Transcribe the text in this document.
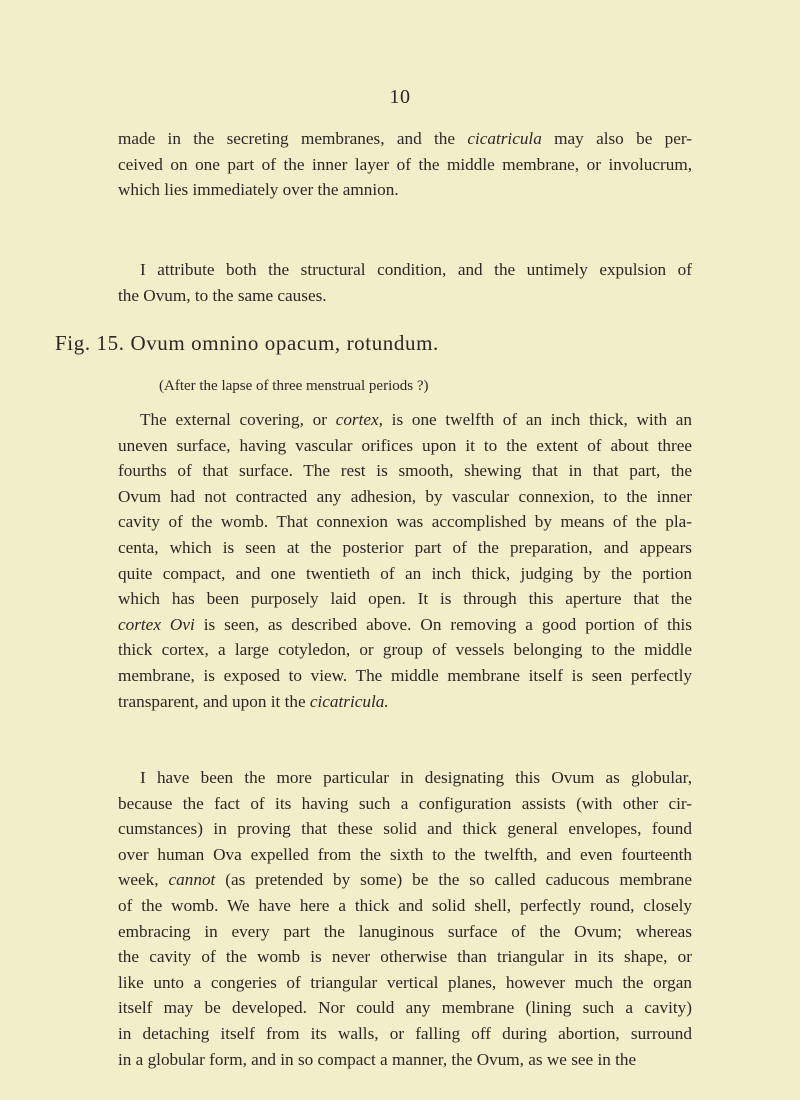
10
made in the secreting membranes, and the cicatricula may also be per-
ceived on one part of the inner layer of the middle membrane, or involucrum,
which lies immediately over the amnion.
I attribute both the structural condition, and the untimely expulsion of
the Ovum, to the same causes.
Fig. 15. Ovum omnino opacum, rotundum.
(After the lapse of three menstrual periods ?)
The external covering, or cortex, is one twelfth of an inch thick, with an
uneven surface, having vascular orifices upon it to the extent of about three
fourths of that surface. The rest is smooth, shewing that in that part, the
Ovum had not contracted any adhesion, by vascular connexion, to the inner
cavity of the womb. That connexion was accomplished by means of the pla-
centa, which is seen at the posterior part of the preparation, and appears
quite compact, and one twentieth of an inch thick, judging by the portion
which has been purposely laid open. It is through this aperture that the
cortex Ovi is seen, as described above. On removing a good portion of this
thick cortex, a large cotyledon, or group of vessels belonging to the middle
membrane, is exposed to view. The middle membrane itself is seen perfectly
transparent, and upon it the cicatricula.
I have been the more particular in designating this Ovum as globular,
because the fact of its having such a configuration assists (with other cir-
cumstances) in proving that these solid and thick general envelopes, found
over human Ova expelled from the sixth to the twelfth, and even fourteenth
week, cannot (as pretended by some) be the so called caducous membrane
of the womb. We have here a thick and solid shell, perfectly round, closely
embracing in every part the lanuginous surface of the Ovum; whereas
the cavity of the womb is never otherwise than triangular in its shape, or
like unto a congeries of triangular vertical planes, however much the organ
itself may be developed. Nor could any membrane (lining such a cavity)
in detaching itself from its walls, or falling off during abortion, surround
in a globular form, and in so compact a manner, the Ovum, as we see in the
